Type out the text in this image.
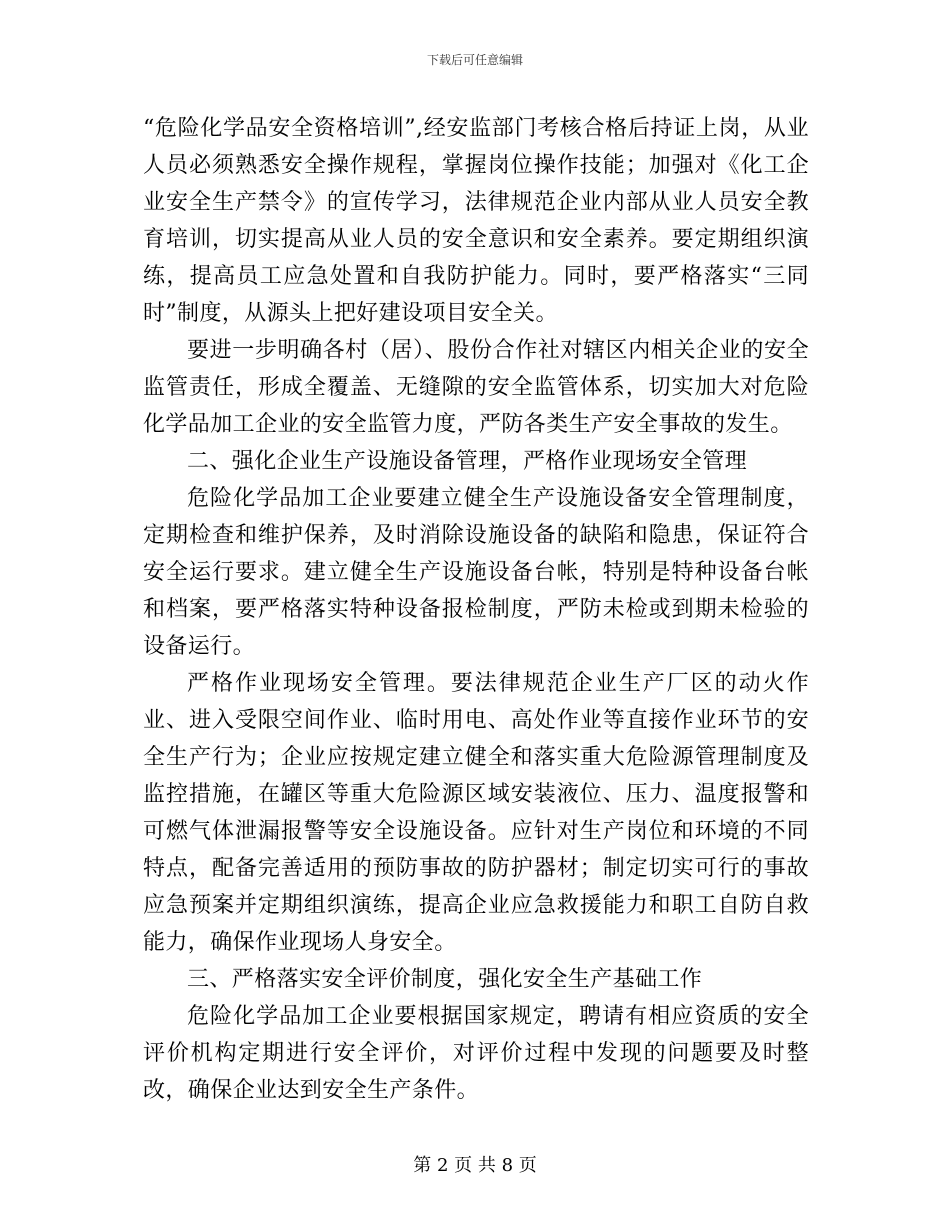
下载后可任意编辑

“危险化学品安全资格培训”,经安监部门考核合格后持证上岗，从业人员必须熟悉安全操作规程，掌握岗位操作技能；加强对《化工企业安全生产禁令》的宣传学习，法律规范企业内部从业人员安全教育培训，切实提高从业人员的安全意识和安全素养。要定期组织演练，提高员工应急处置和自我防护能力。同时，要严格落实“三同时”制度，从源头上把好建设项目安全关。

要进一步明确各村（居）、股份合作社对辖区内相关企业的安全监管责任，形成全覆盖、无缝隙的安全监管体系，切实加大对危险化学品加工企业的安全监管力度，严防各类生产安全事故的发生。

二、强化企业生产设施设备管理，严格作业现场安全管理

危险化学品加工企业要建立健全生产设施设备安全管理制度，定期检查和维护保养，及时消除设施设备的缺陷和隐患，保证符合安全运行要求。建立健全生产设施设备台帐，特别是特种设备台帐和档案，要严格落实特种设备报检制度，严防未检或到期未检验的设备运行。

严格作业现场安全管理。要法律规范企业生产厂区的动火作业、进入受限空间作业、临时用电、高处作业等直接作业环节的安全生产行为；企业应按规定建立健全和落实重大危险源管理制度及监控措施，在罐区等重大危险源区域安装液位、压力、温度报警和可燃气体泄漏报警等安全设施设备。应针对生产岗位和环境的不同特点，配备完善适用的预防事故的防护器材；制定切实可行的事故应急预案并定期组织演练，提高企业应急救援能力和职工自防自救能力，确保作业现场人身安全。

三、严格落实安全评价制度，强化安全生产基础工作

危险化学品加工企业要根据国家规定，聘请有相应资质的安全评价机构定期进行安全评价，对评价过程中发现的问题要及时整改，确保企业达到安全生产条件。

第 2 页 共 8 页
